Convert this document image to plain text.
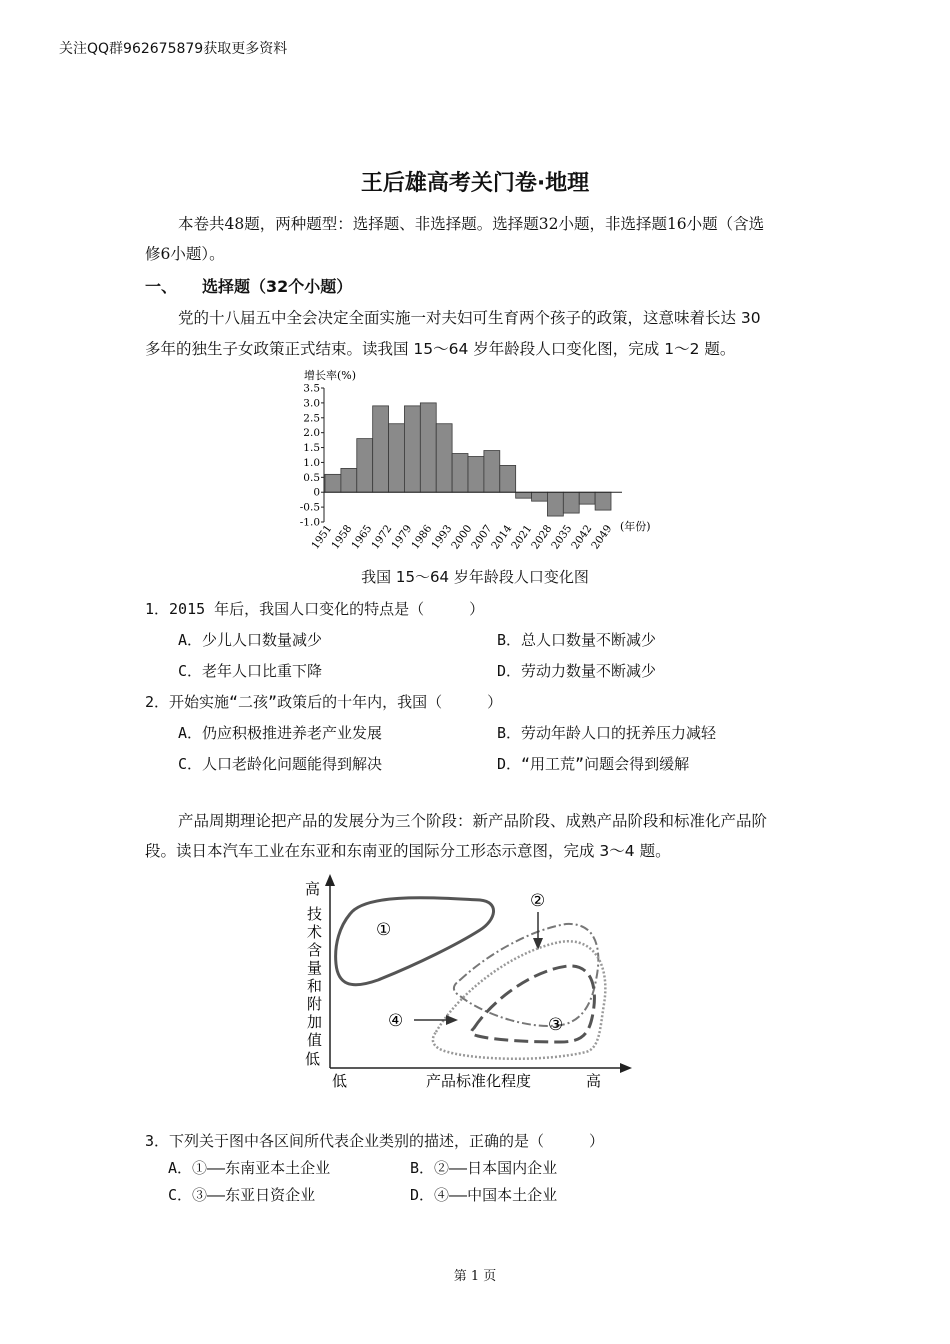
关注QQ群962675879获取更多资料
王后雄高考关门卷·地理
本卷共48题，两种题型：选择题、非选择题。选择题32小题，非选择题16小题（含选
修6小题）。
一、 选择题（32个小题）
党的十八届五中全会决定全面实施一对夫妇可生育两个孩子的政策，这意味着长达 30
多年的独生子女政策正式结束。读我国 15～64 岁年龄段人口变化图，完成 1～2 题。
增长率(%)
(年份)
3.5
3.0
2.5
2.0
1.5
1.0
0.5
0
-0.5
-1.0
1951
1958
1965
1972
1979
1986
1993
2000
2007
2014
2021
2028
2035
2042
2049
我国 15～64 岁年龄段人口变化图
1．2015 年后，我国人口变化的特点是（　　　）
A．少儿人口数量减少	B．总人口数量不断减少
C．老年人口比重下降	D．劳动力数量不断减少
2．开始实施“二孩”政策后的十年内，我国（　　　）
A．仍应积极推进养老产业发展	B．劳动年龄人口的抚养压力减轻
C．人口老龄化问题能得到解决	D．“用工荒”问题会得到缓解
产品周期理论把产品的发展分为三个阶段：新产品阶段、成熟产品阶段和标准化产品阶
段。读日本汽车工业在东亚和东南亚的国际分工形态示意图，完成 3～4 题。
高
技
术
含
量
和
附
加
值
低
低	产品标准化程度	高
①
②
③
④
3．下列关于图中各区间所代表企业类别的描述，正确的是（　　　）
A．①——东南亚本土企业	B．②——日本国内企业
C．③——东亚日资企业	D．④——中国本土企业
第 1 页
